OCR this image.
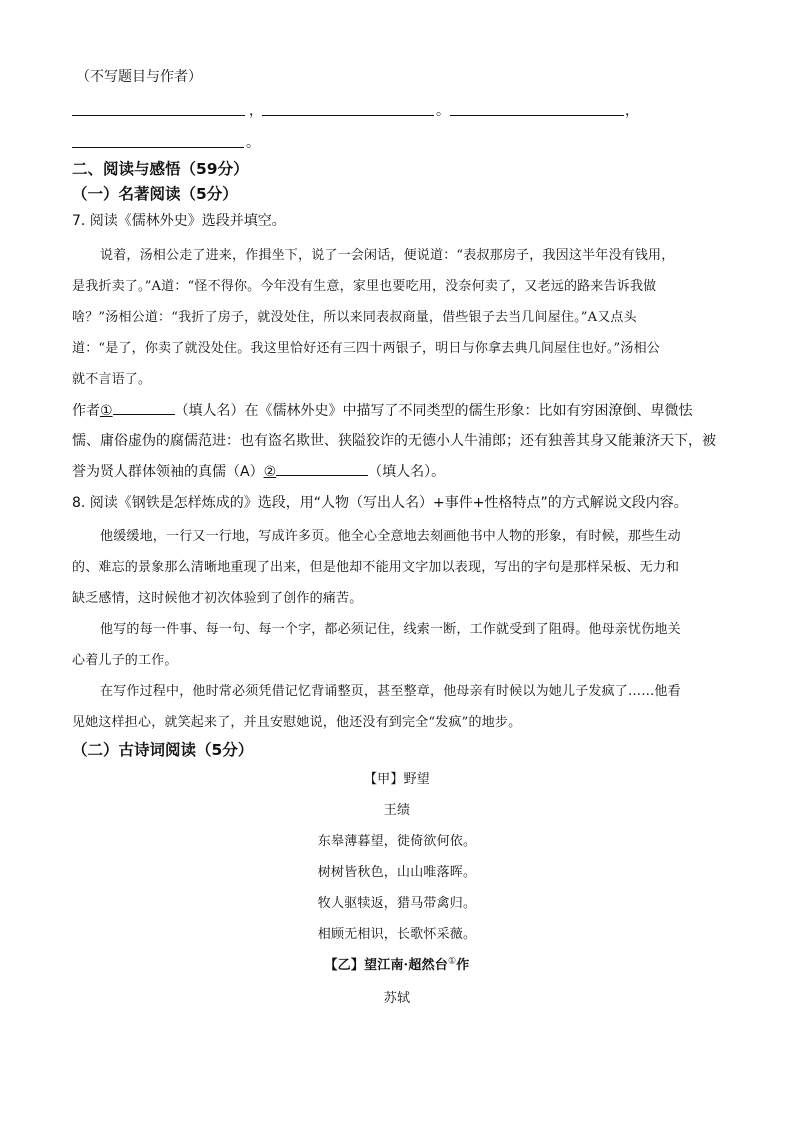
（不写题目与作者）
，	。	，
。
二、阅读与感悟（59分）
（一）名著阅读（5分）
7. 阅读《儒林外史》选段并填空。
说着，汤相公走了进来，作揖坐下，说了一会闲话，便说道：“表叔那房子，我因这半年没有钱用，
是我折卖了。”A道：“怪不得你。今年没有生意，家里也要吃用，没奈何卖了，又老远的路来告诉我做
啥？”汤相公道：“我折了房子，就没处住，所以来同表叔商量，借些银子去当几间屋住。”A又点头
道：“是了，你卖了就没处住。我这里恰好还有三四十两银子，明日与你拿去典几间屋住也好。”汤相公
就不言语了。
作者①	（填人名）在《儒林外史》中描写了不同类型的儒生形象：比如有穷困潦倒、卑微怯
懦、庸俗虚伪的腐儒范进：也有盗名欺世、狭隘狡诈的无德小人牛浦郎；还有独善其身又能兼济天下，被
誉为贤人群体领袖的真儒（A）②	（填人名）。
8. 阅读《钢铁是怎样炼成的》选段，用“人物（写出人名）+事件+性格特点”的方式解说文段内容。
他缓缓地，一行又一行地，写成许多页。他全心全意地去刻画他书中人物的形象，有时候，那些生动
的、难忘的景象那么清晰地重现了出来，但是他却不能用文字加以表现，写出的字句是那样呆板、无力和
缺乏感情，这时候他才初次体验到了创作的痛苦。
他写的每一件事、每一句、每一个字，都必须记住，线索一断，工作就受到了阻碍。他母亲忧伤地关
心着儿子的工作。
在写作过程中，他时常必须凭借记忆背诵整页，甚至整章，他母亲有时候以为她儿子发疯了……他看
见她这样担心，就笑起来了，并且安慰她说，他还没有到完全“发疯”的地步。
（二）古诗词阅读（5分）
【甲】野望
王绩
东皋薄暮望，徙倚欲何依。
树树皆秋色，山山唯落晖。
牧人驱犊返，猎马带禽归。
相顾无相识，长歌怀采薇。
【乙】望江南·超然台①作
苏轼
